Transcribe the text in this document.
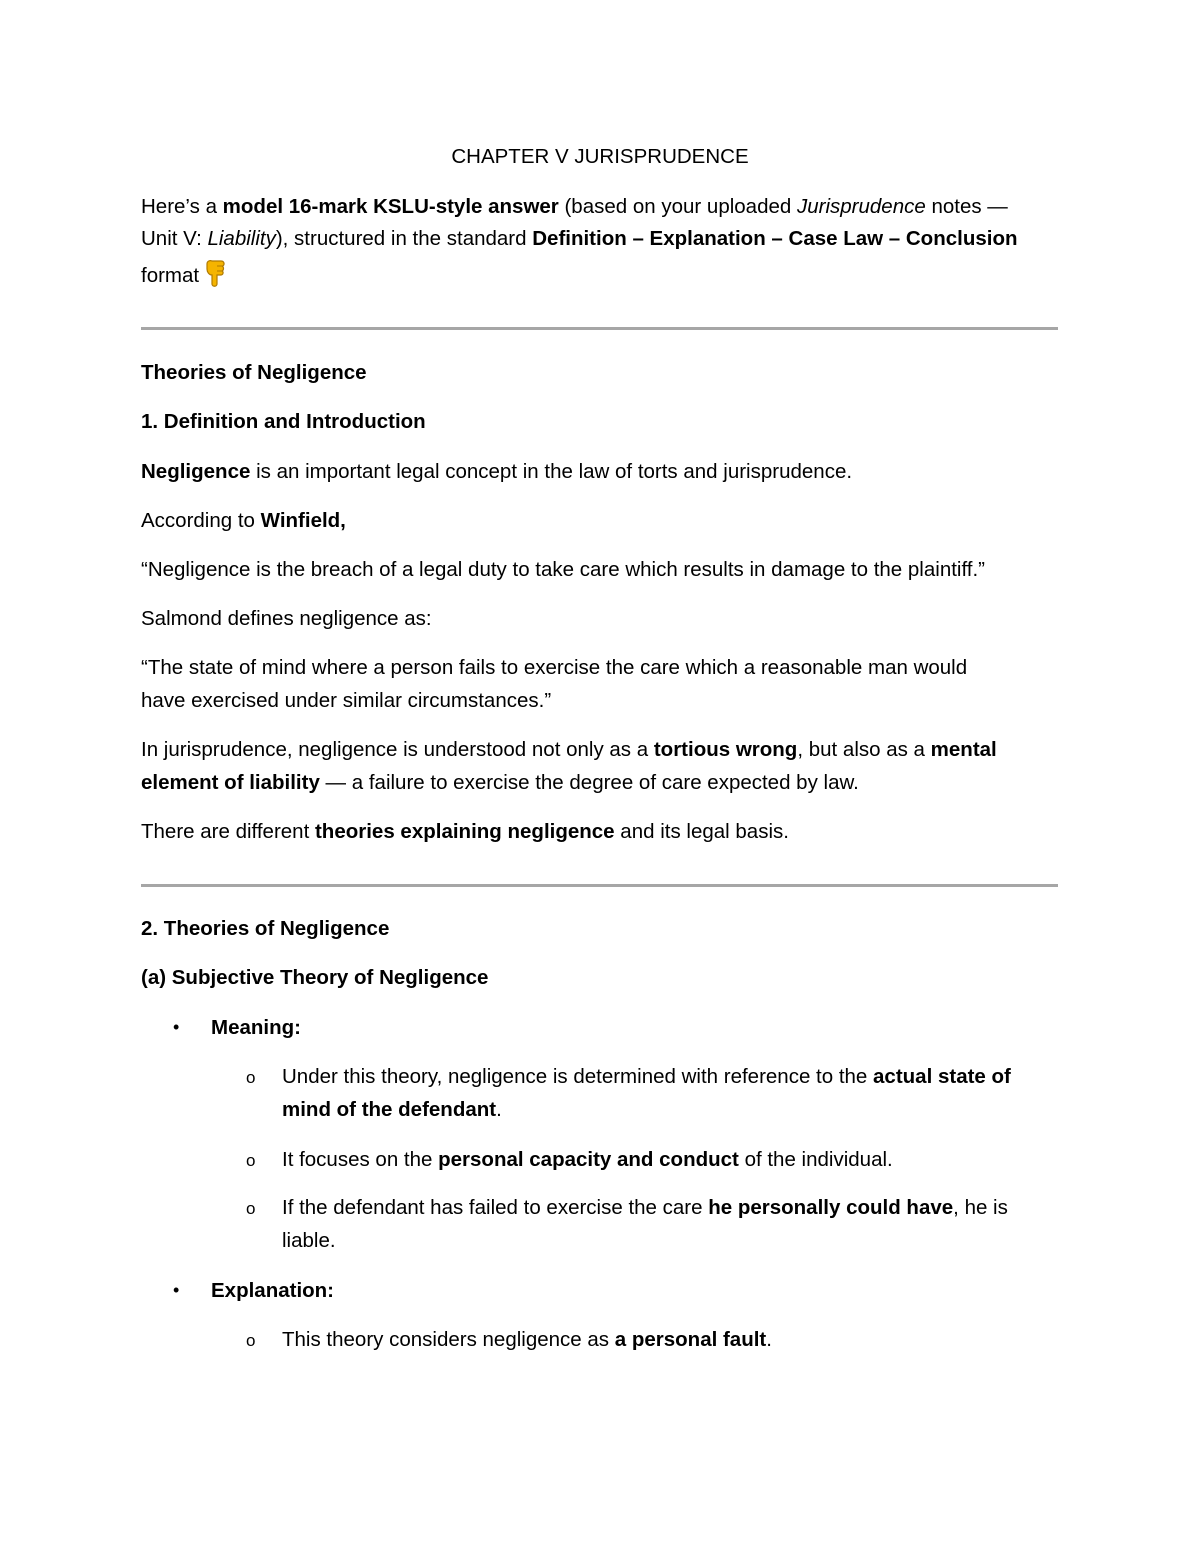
CHAPTER V JURISPRUDENCE
Here’s a model 16-mark KSLU-style answer (based on your uploaded Jurisprudence notes —
Unit V: Liability), structured in the standard Definition – Explanation – Case Law – Conclusion
format
Theories of Negligence
1. Definition and Introduction
Negligence is an important legal concept in the law of torts and jurisprudence.
According to Winfield,
“Negligence is the breach of a legal duty to take care which results in damage to the plaintiff.”
Salmond defines negligence as:
“The state of mind where a person fails to exercise the care which a reasonable man would
have exercised under similar circumstances.”
In jurisprudence, negligence is understood not only as a tortious wrong, but also as a mental
element of liability — a failure to exercise the degree of care expected by law.
There are different theories explaining negligence and its legal basis.
2. Theories of Negligence
(a) Subjective Theory of Negligence
• Meaning:
o Under this theory, negligence is determined with reference to the actual state of
mind of the defendant.
o It focuses on the personal capacity and conduct of the individual.
o If the defendant has failed to exercise the care he personally could have, he is
liable.
• Explanation:
o This theory considers negligence as a personal fault.
